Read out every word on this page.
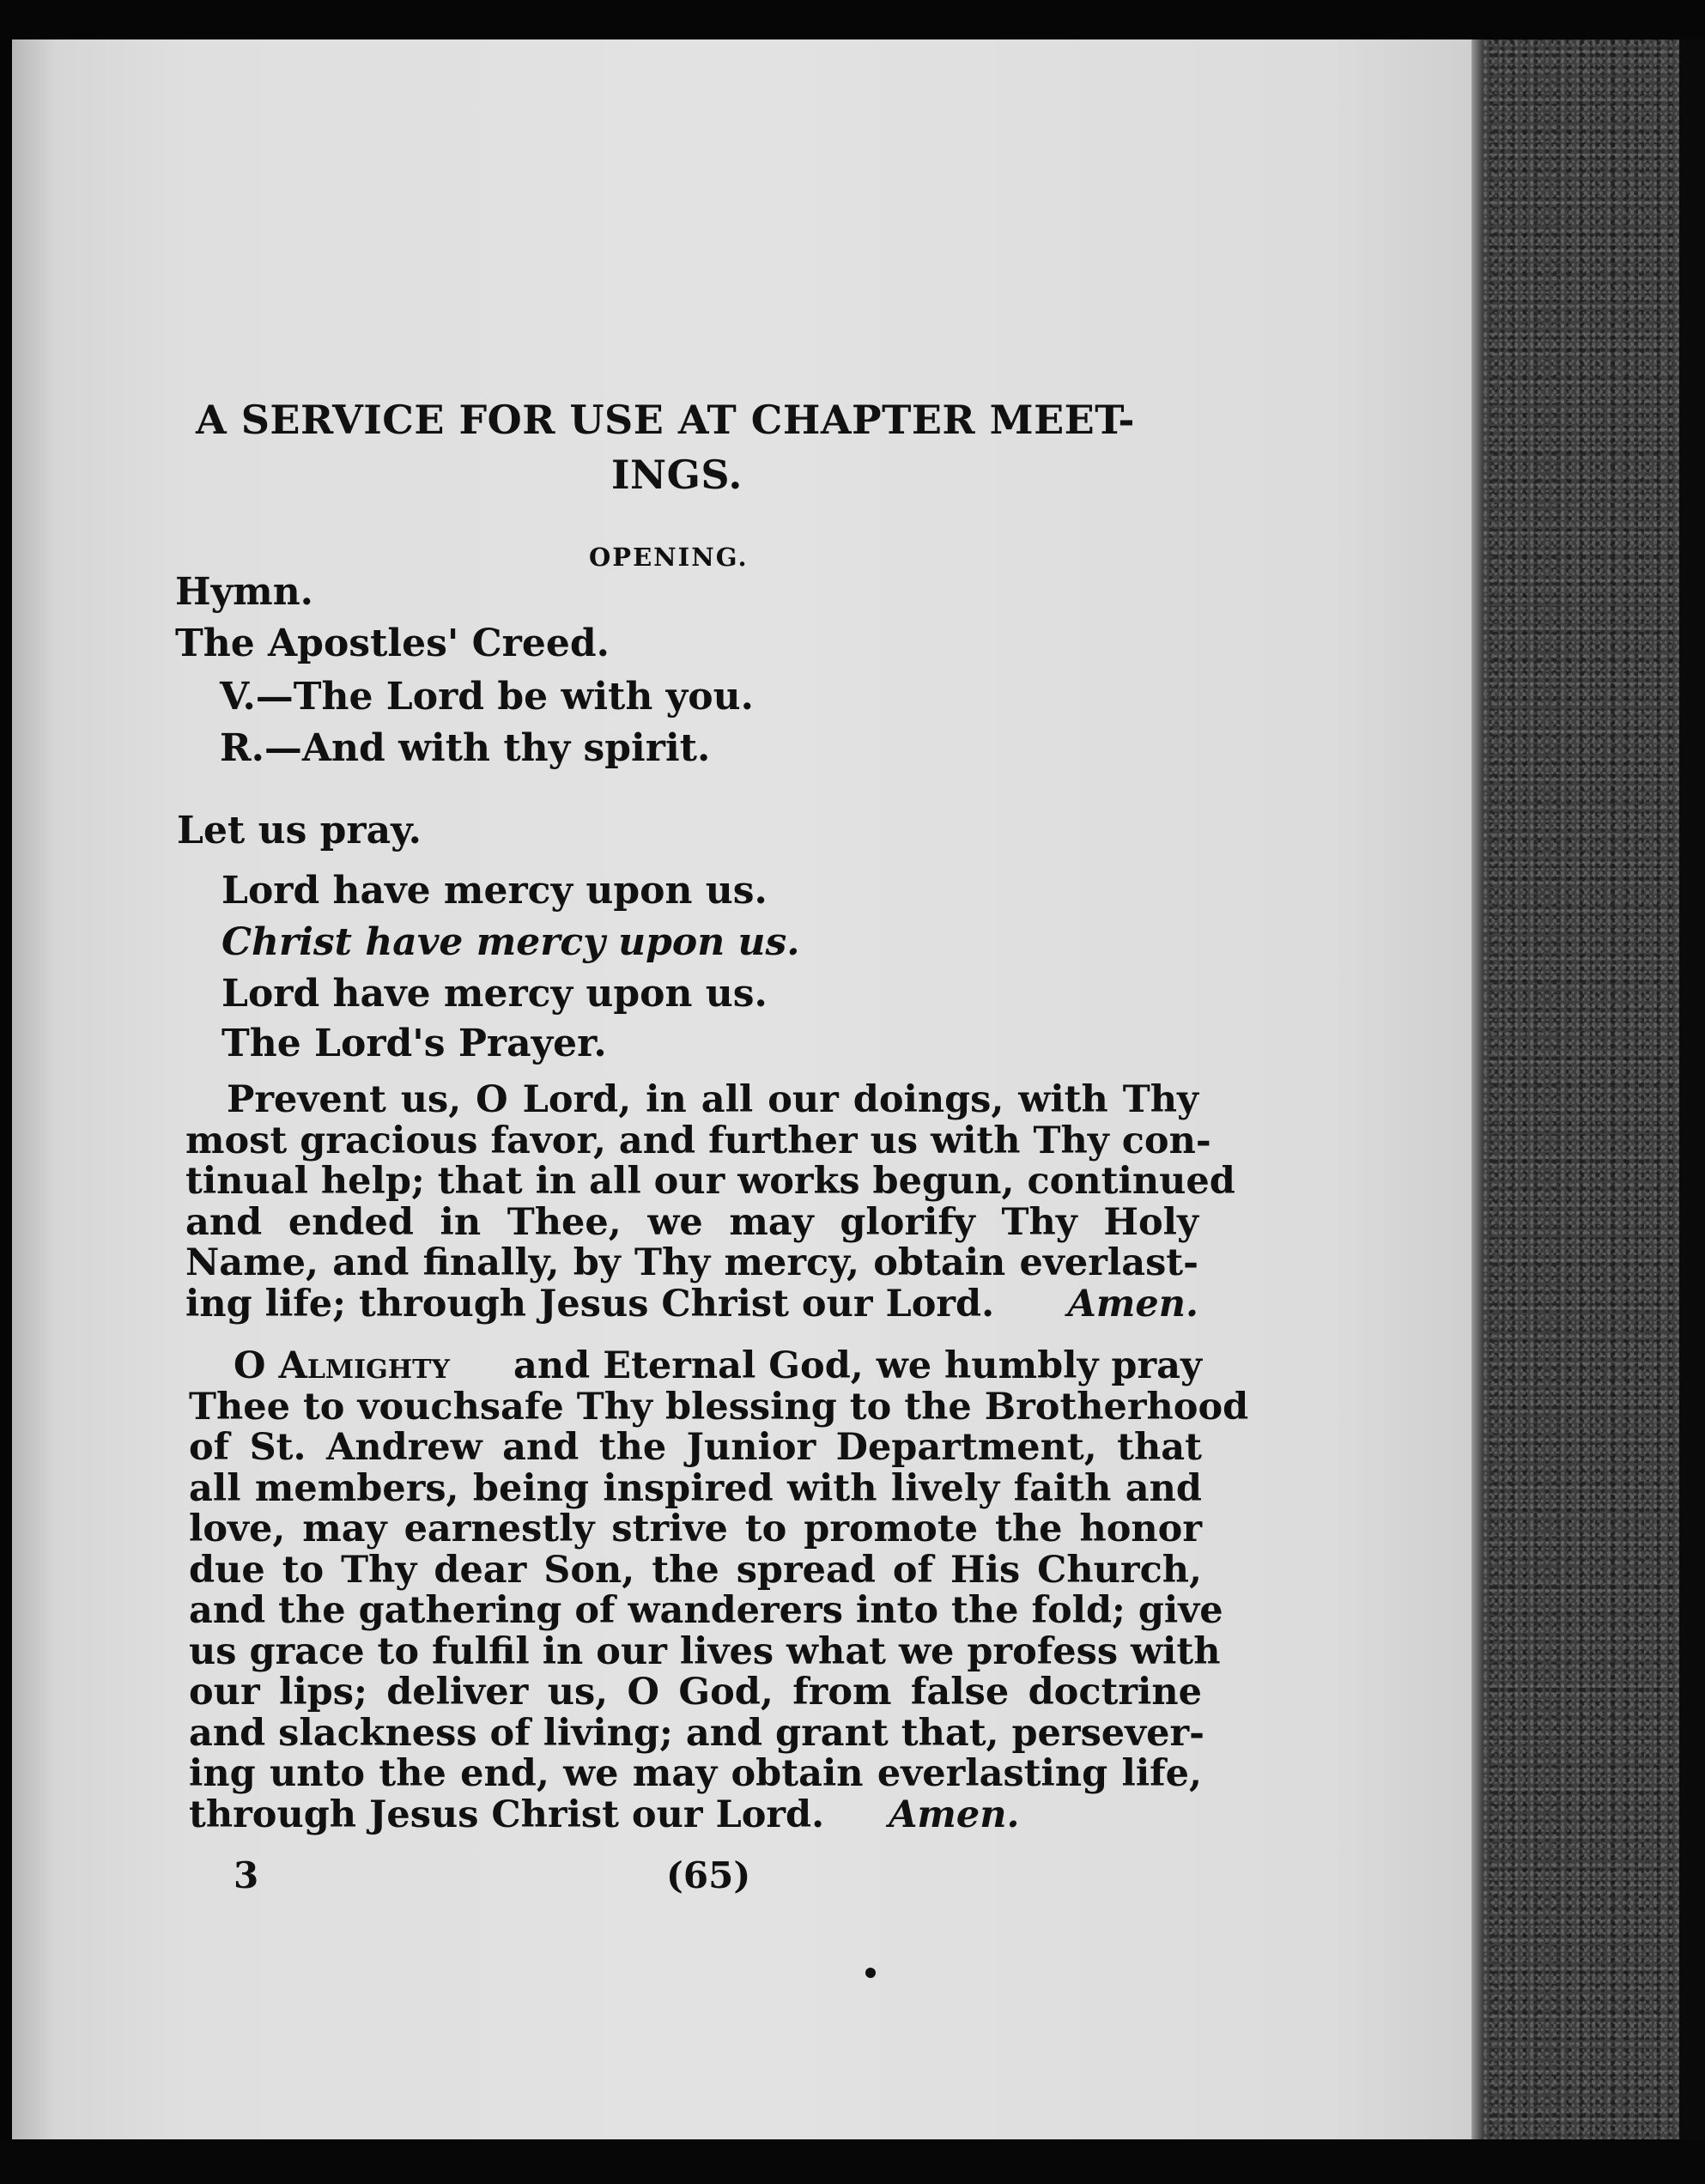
A SERVICE FOR USE AT CHAPTER MEET-
INGS.
OPENING.
Hymn.
The Apostles' Creed.
V.—The Lord be with you.
R.—And with thy spirit.
Let us pray.
Lord have mercy upon us.
Christ have mercy upon us.
Lord have mercy upon us.
The Lord's Prayer.
Prevent us, O Lord, in all our doings, with Thy
most gracious favor, and further us with Thy con-
tinual help; that in all our works begun, continued
and ended in Thee, we may glorify Thy Holy
Name, and finally, by Thy mercy, obtain everlast-
ing life; through Jesus Christ our Lord. Amen.
O Almighty and Eternal God, we humbly pray
Thee to vouchsafe Thy blessing to the Brotherhood
of St. Andrew and the Junior Department, that
all members, being inspired with lively faith and
love, may earnestly strive to promote the honor
due to Thy dear Son, the spread of His Church,
and the gathering of wanderers into the fold; give
us grace to fulfil in our lives what we profess with
our lips; deliver us, O God, from false doctrine
and slackness of living; and grant that, persever-
ing unto the end, we may obtain everlasting life,
through Jesus Christ our Lord. Amen.
3	(65)
